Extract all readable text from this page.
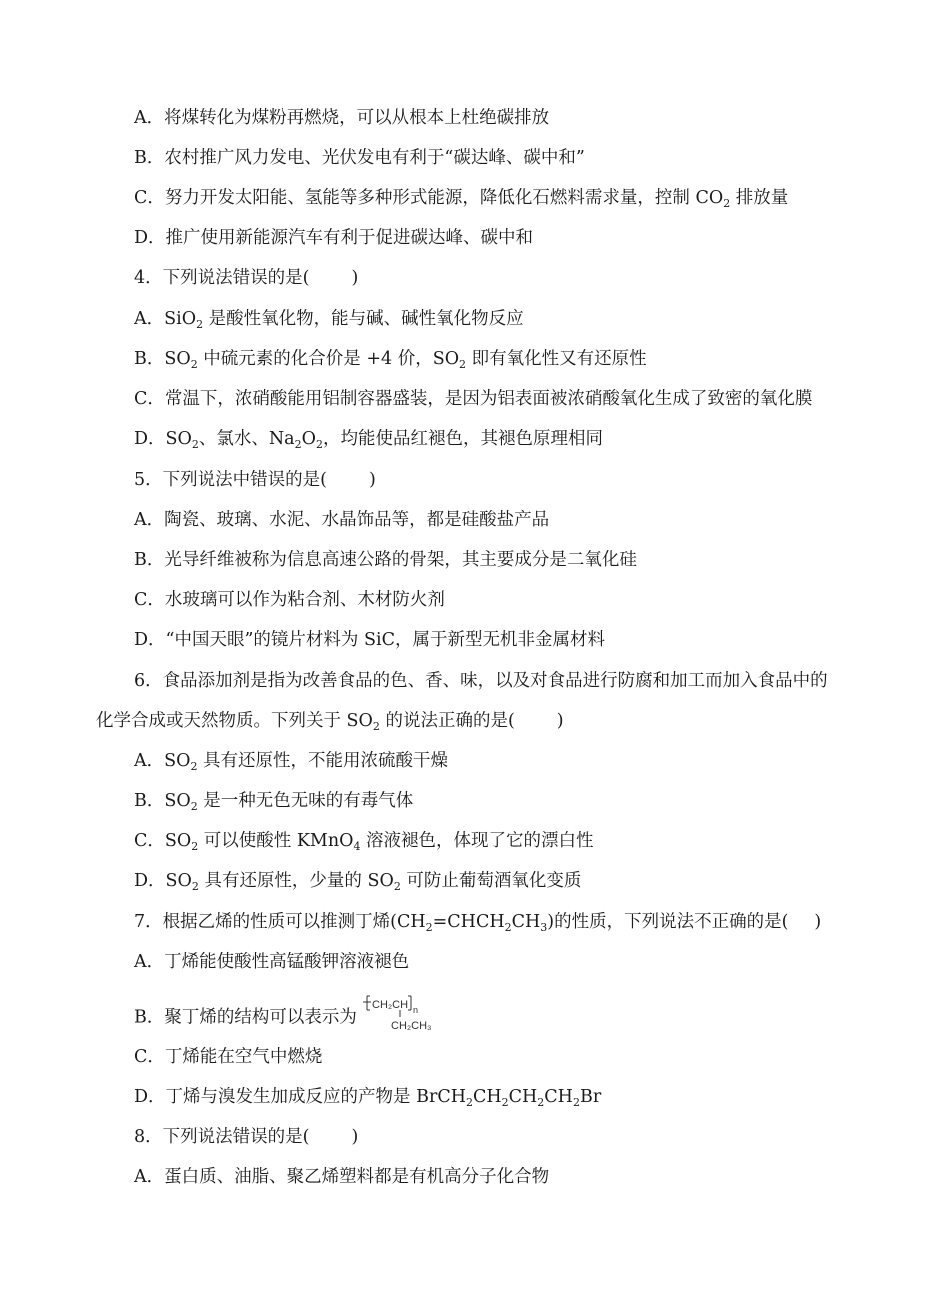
A．将煤转化为煤粉再燃烧，可以从根本上杜绝碳排放
B．农村推广风力发电、光伏发电有利于“碳达峰、碳中和”
C．努力开发太阳能、氢能等多种形式能源，降低化石燃料需求量，控制 $CO_2$ 排放量
D．推广使用新能源汽车有利于促进碳达峰、碳中和
4．下列说法错误的是( )
A．SiO$_2$ 是酸性氧化物，能与碱、碱性氧化物反应
B．$SO_2$ 中硫元素的化合价是 +4 价，$SO_2$ 即有氧化性又有还原性
C．常温下，浓硝酸能用铝制容器盛装，是因为铝表面被浓硝酸氧化生成了致密的氧化膜
D．$SO_2$、氯水、$Na_2O_2$，均能使品红褪色，其褪色原理相同
5．下列说法中错误的是( )
A．陶瓷、玻璃、水泥、水晶饰品等，都是硅酸盐产品
B．光导纤维被称为信息高速公路的骨架，其主要成分是二氧化硅
C．水玻璃可以作为粘合剂、木材防火剂
D．“中国天眼”的镜片材料为 SiC，属于新型无机非金属材料
6．食品添加剂是指为改善食品的色、香、味，以及对食品进行防腐和加工而加入食品中的
化学合成或天然物质。下列关于 $SO_2$ 的说法正确的是( )
A．$SO_2$ 具有还原性，不能用浓硫酸干燥
B．$SO_2$ 是一种无色无味的有毒气体
C．$SO_2$ 可以使酸性 KMnO$_4$ 溶液褪色，体现了它的漂白性
D．$SO_2$ 具有还原性，少量的 $SO_2$ 可防止葡萄酒氧化变质
7．根据乙烯的性质可以推测丁烯$(CH_2=CHCH_2CH_3)$的性质，下列说法不正确的是( )
A．丁烯能使酸性高锰酸钾溶液褪色
B．聚丁烯的结构可以表示为
CH₂CH n
CH₂CH₃
C．丁烯能在空气中燃烧
D．丁烯与溴发生加成反应的产物是 $BrCH_2CH_2CH_2CH_2Br$
8．下列说法错误的是( )
A．蛋白质、油脂、聚乙烯塑料都是有机高分子化合物
